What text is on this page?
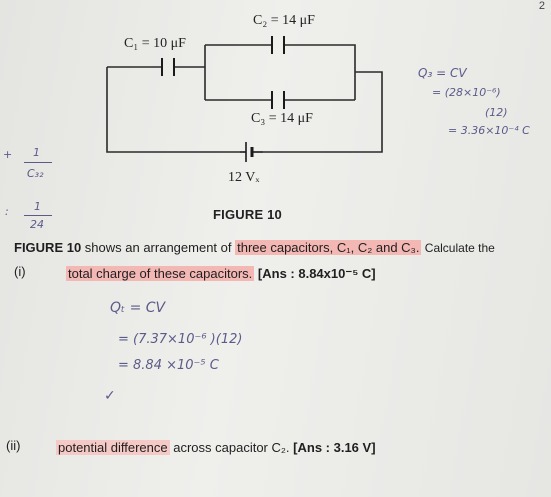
2
C₁ = 10 μF
C₂ = 14 μF
C₃ = 14 μF
12 Vₓ
FIGURE 10
Q₃ = CV
= (28×10⁻⁶)
(12)
= 3.36×10⁻⁴ C
+ 1
C₃₂
: 1
24
FIGURE 10 shows an arrangement of three capacitors, C₁, C₂ and C₃. Calculate the
(i)	total charge of these capacitors. [Ans : 8.84x10⁻⁵ C]
Qₜ = CV
= (7.37×10⁻⁶ )(12)
= 8.84 ×10⁻⁵ C
✓
(ii)	potential difference across capacitor C₂. [Ans : 3.16 V]
